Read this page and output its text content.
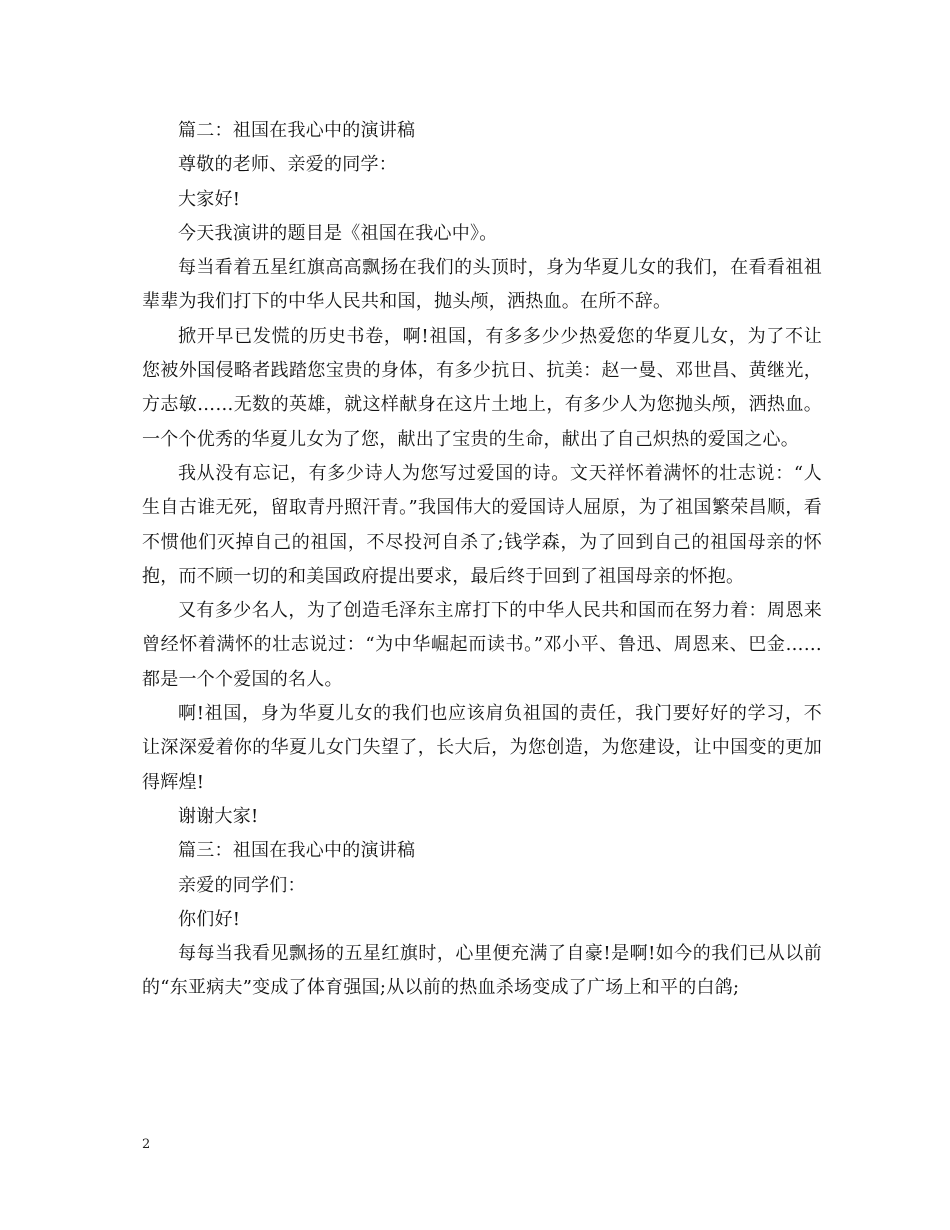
篇二：祖国在我心中的演讲稿

尊敬的老师、亲爱的同学：

大家好!

今天我演讲的题目是《祖国在我心中》。

每当看着五星红旗高高飘扬在我们的头顶时，身为华夏儿女的我们，在看看祖祖辈辈为我们打下的中华人民共和国，抛头颅，洒热血。在所不辞。

掀开早已发慌的历史书卷，啊!祖国，有多多少少热爱您的华夏儿女，为了不让您被外国侵略者践踏您宝贵的身体，有多少抗日、抗美：赵一曼、邓世昌、黄继光，方志敏……无数的英雄，就这样献身在这片土地上，有多少人为您抛头颅，洒热血。一个个优秀的华夏儿女为了您，献出了宝贵的生命，献出了自己炽热的爱国之心。

我从没有忘记，有多少诗人为您写过爱国的诗。文天祥怀着满怀的壮志说：“人生自古谁无死，留取青丹照汗青。”我国伟大的爱国诗人屈原，为了祖国繁荣昌顺，看不惯他们灭掉自己的祖国，不尽投河自杀了;钱学森，为了回到自己的祖国母亲的怀抱，而不顾一切的和美国政府提出要求，最后终于回到了祖国母亲的怀抱。

又有多少名人，为了创造毛泽东主席打下的中华人民共和国而在努力着：周恩来曾经怀着满怀的壮志说过：“为中华崛起而读书。”邓小平、鲁迅、周恩来、巴金……都是一个个爱国的名人。

啊!祖国，身为华夏儿女的我们也应该肩负祖国的责任，我门要好好的学习，不让深深爱着你的华夏儿女门失望了，长大后，为您创造，为您建设，让中国变的更加得辉煌!

谢谢大家!

篇三：祖国在我心中的演讲稿

亲爱的同学们：

你们好!

每每当我看见飘扬的五星红旗时，心里便充满了自豪!是啊!如今的我们已从以前的“东亚病夫”变成了体育强国;从以前的热血杀场变成了广场上和平的白鸽;

2
